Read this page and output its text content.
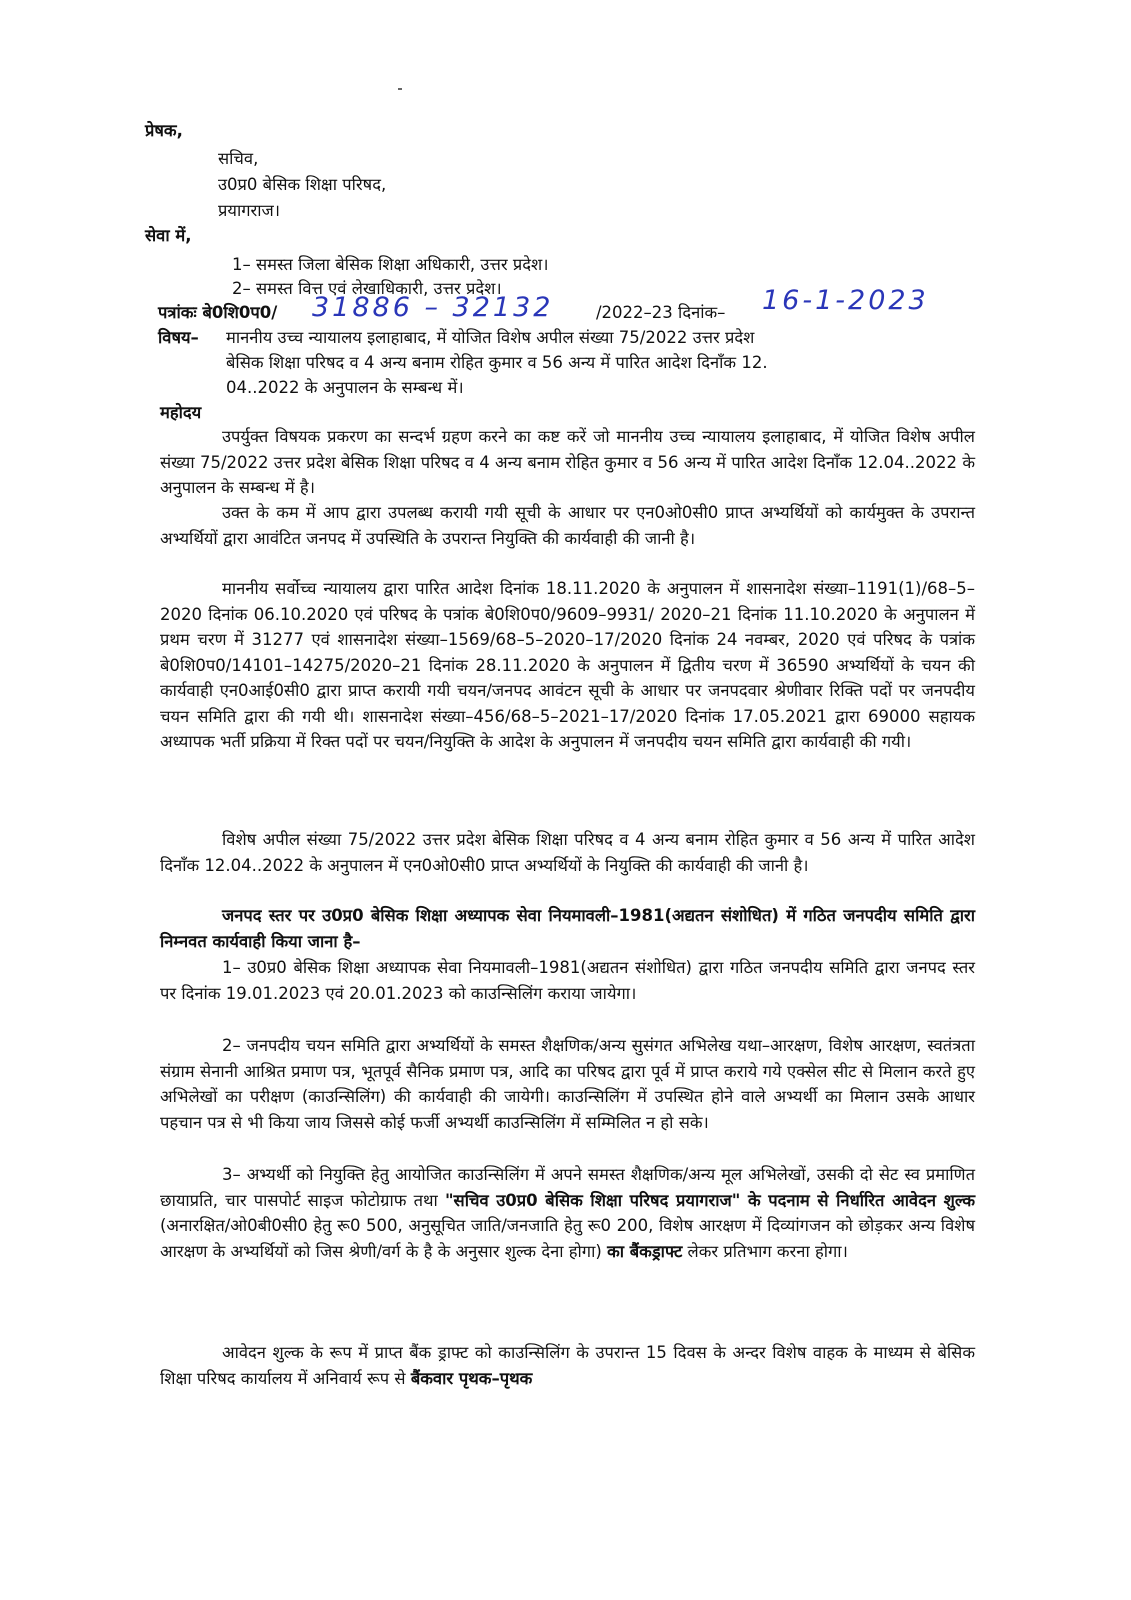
प्रेषक,
सचिव,
उ0प्र0 बेसिक शिक्षा परिषद,
प्रयागराज।
सेवा में,
1– समस्त जिला बेसिक शिक्षा अधिकारी, उत्तर प्रदेश।
2– समस्त वित्त एवं लेखाधिकारी, उत्तर प्रदेश।
पत्रांकः बे0शि0प0/ 31886 – 32132	/2022–23 दिनांक– 16-1-2023
विषय– माननीय उच्च न्यायालय इलाहाबाद, में योजित विशेष अपील संख्या 75/2022 उत्तर प्रदेश
बेसिक शिक्षा परिषद व 4 अन्य बनाम रोहित कुमार व 56 अन्य में पारित आदेश दिनाँक 12.
04..2022 के अनुपालन के सम्बन्ध में।
महोदय
उपर्युक्त विषयक प्रकरण का सन्दर्भ ग्रहण करने का कष्ट करें जो माननीय उच्च न्यायालय इलाहाबाद, में योजित विशेष अपील संख्या 75/2022 उत्तर प्रदेश बेसिक शिक्षा परिषद व 4 अन्य बनाम रोहित कुमार व 56 अन्य में पारित आदेश दिनाँक 12.04..2022 के अनुपालन के सम्बन्ध में है।
उक्त के कम में आप द्वारा उपलब्ध करायी गयी सूची के आधार पर एन0ओ0सी0 प्राप्त अभ्यर्थियों को कार्यमुक्त के उपरान्त अभ्यर्थियों द्वारा आवंटित जनपद में उपस्थिति के उपरान्त नियुक्ति की कार्यवाही की जानी है।
माननीय सर्वोच्च न्यायालय द्वारा पारित आदेश दिनांक 18.11.2020 के अनुपालन में शासनादेश संख्या–1191(1)/68–5–2020 दिनांक 06.10.2020 एवं परिषद के पत्रांक बे0शि0प0/9609–9931/ 2020–21 दिनांक 11.10.2020 के अनुपालन में प्रथम चरण में 31277 एवं शासनादेश संख्या–1569/68–5–2020–17/2020 दिनांक 24 नवम्बर, 2020 एवं परिषद के पत्रांक बे0शि0प0/14101–14275/2020–21 दिनांक 28.11.2020 के अनुपालन में द्वितीय चरण में 36590 अभ्यर्थियों के चयन की कार्यवाही एन0आई0सी0 द्वारा प्राप्त करायी गयी चयन/जनपद आवंटन सूची के आधार पर जनपदवार श्रेणीवार रिक्ति पदों पर जनपदीय चयन समिति द्वारा की गयी थी। शासनादेश संख्या–456/68–5–2021–17/2020 दिनांक 17.05.2021 द्वारा 69000 सहायक अध्यापक भर्ती प्रक्रिया में रिक्त पदों पर चयन/नियुक्ति के आदेश के अनुपालन में जनपदीय चयन समिति द्वारा कार्यवाही की गयी।
विशेष अपील संख्या 75/2022 उत्तर प्रदेश बेसिक शिक्षा परिषद व 4 अन्य बनाम रोहित कुमार व 56 अन्य में पारित आदेश दिनाँक 12.04..2022 के अनुपालन में एन0ओ0सी0 प्राप्त अभ्यर्थियों के नियुक्ति की कार्यवाही की जानी है।
जनपद स्तर पर उ0प्र0 बेसिक शिक्षा अध्यापक सेवा नियमावली–1981(अद्यतन संशोधित) में गठित जनपदीय समिति द्वारा निम्नवत कार्यवाही किया जाना है–
1– उ0प्र0 बेसिक शिक्षा अध्यापक सेवा नियमावली–1981(अद्यतन संशोधित) द्वारा गठित जनपदीय समिति द्वारा जनपद स्तर पर दिनांक 19.01.2023 एवं 20.01.2023 को काउन्सिलिंग कराया जायेगा।
2– जनपदीय चयन समिति द्वारा अभ्यर्थियों के समस्त शैक्षणिक/अन्य सुसंगत अभिलेख यथा–आरक्षण, विशेष आरक्षण, स्वतंत्रता संग्राम सेनानी आश्रित प्रमाण पत्र, भूतपूर्व सैनिक प्रमाण पत्र, आदि का परिषद द्वारा पूर्व में प्राप्त कराये गये एक्सेल सीट से मिलान करते हुए अभिलेखों का परीक्षण (काउन्सिलिंग) की कार्यवाही की जायेगी। काउन्सिलिंग में उपस्थित होने वाले अभ्यर्थी का मिलान उसके आधार पहचान पत्र से भी किया जाय जिससे कोई फर्जी अभ्यर्थी काउन्सिलिंग में सम्मिलित न हो सके।
3– अभ्यर्थी को नियुक्ति हेतु आयोजित काउन्सिलिंग में अपने समस्त शैक्षणिक/अन्य मूल अभिलेखों, उसकी दो सेट स्व प्रमाणित छायाप्रति, चार पासपोर्ट साइज फोटोग्राफ तथा "सचिव उ0प्र0 बेसिक शिक्षा परिषद प्रयागराज" के पदनाम से निर्धारित आवेदन शुल्क (अनारक्षित/ओ0बी0सी0 हेतु रू0 500, अनुसूचित जाति/जनजाति हेतु रू0 200, विशेष आरक्षण में दिव्यांगजन को छोड़कर अन्य विशेष आरक्षण के अभ्यर्थियों को जिस श्रेणी/वर्ग के है के अनुसार शुल्क देना होगा) का बैंकड्राफ्ट लेकर प्रतिभाग करना होगा।
आवेदन शुल्क के रूप में प्राप्त बैंक ड्राफ्ट को काउन्सिलिंग के उपरान्त 15 दिवस के अन्दर विशेष वाहक के माध्यम से बेसिक शिक्षा परिषद कार्यालय में अनिवार्य रूप से बैंकवार पृथक–पृथक
